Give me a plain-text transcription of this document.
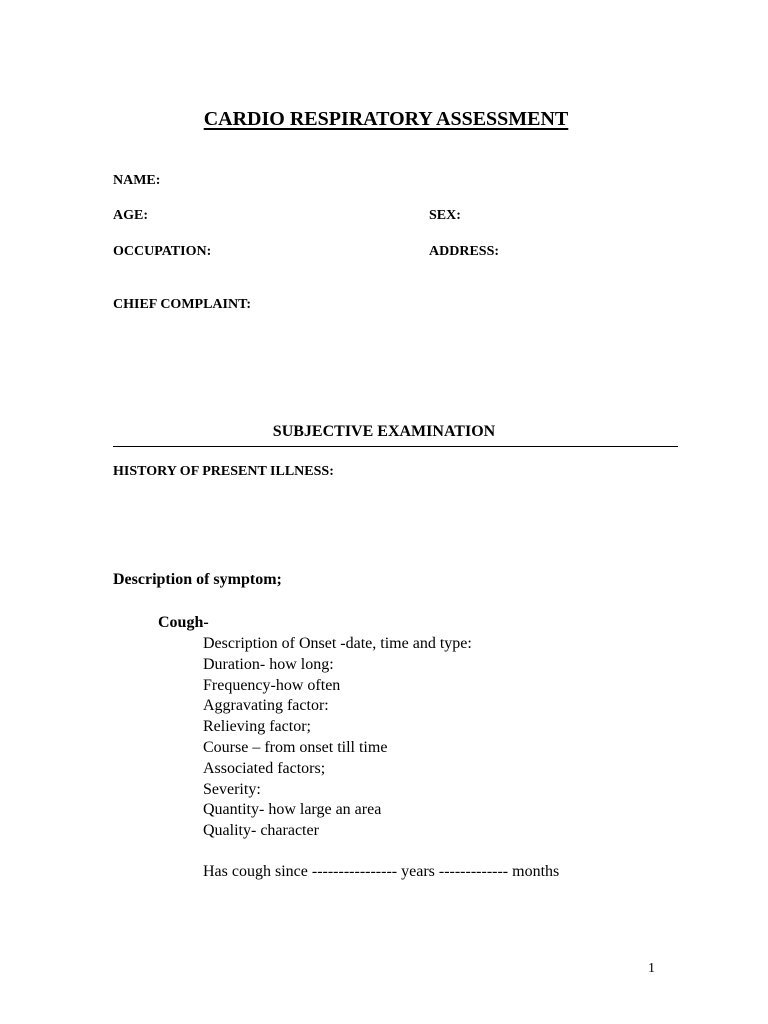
CARDIO RESPIRATORY ASSESSMENT
NAME:
AGE:	SEX:
OCCUPATION:	ADDRESS:
CHIEF COMPLAINT:
SUBJECTIVE EXAMINATION
HISTORY OF PRESENT ILLNESS:
Description of symptom;
Cough-
Description of Onset -date, time and type:
Duration- how long:
Frequency-how often
Aggravating factor:
Relieving factor;
Course – from onset till time
Associated factors;
Severity:
Quantity- how large an area
Quality- character
Has cough since ---------------- years ------------- months
1
